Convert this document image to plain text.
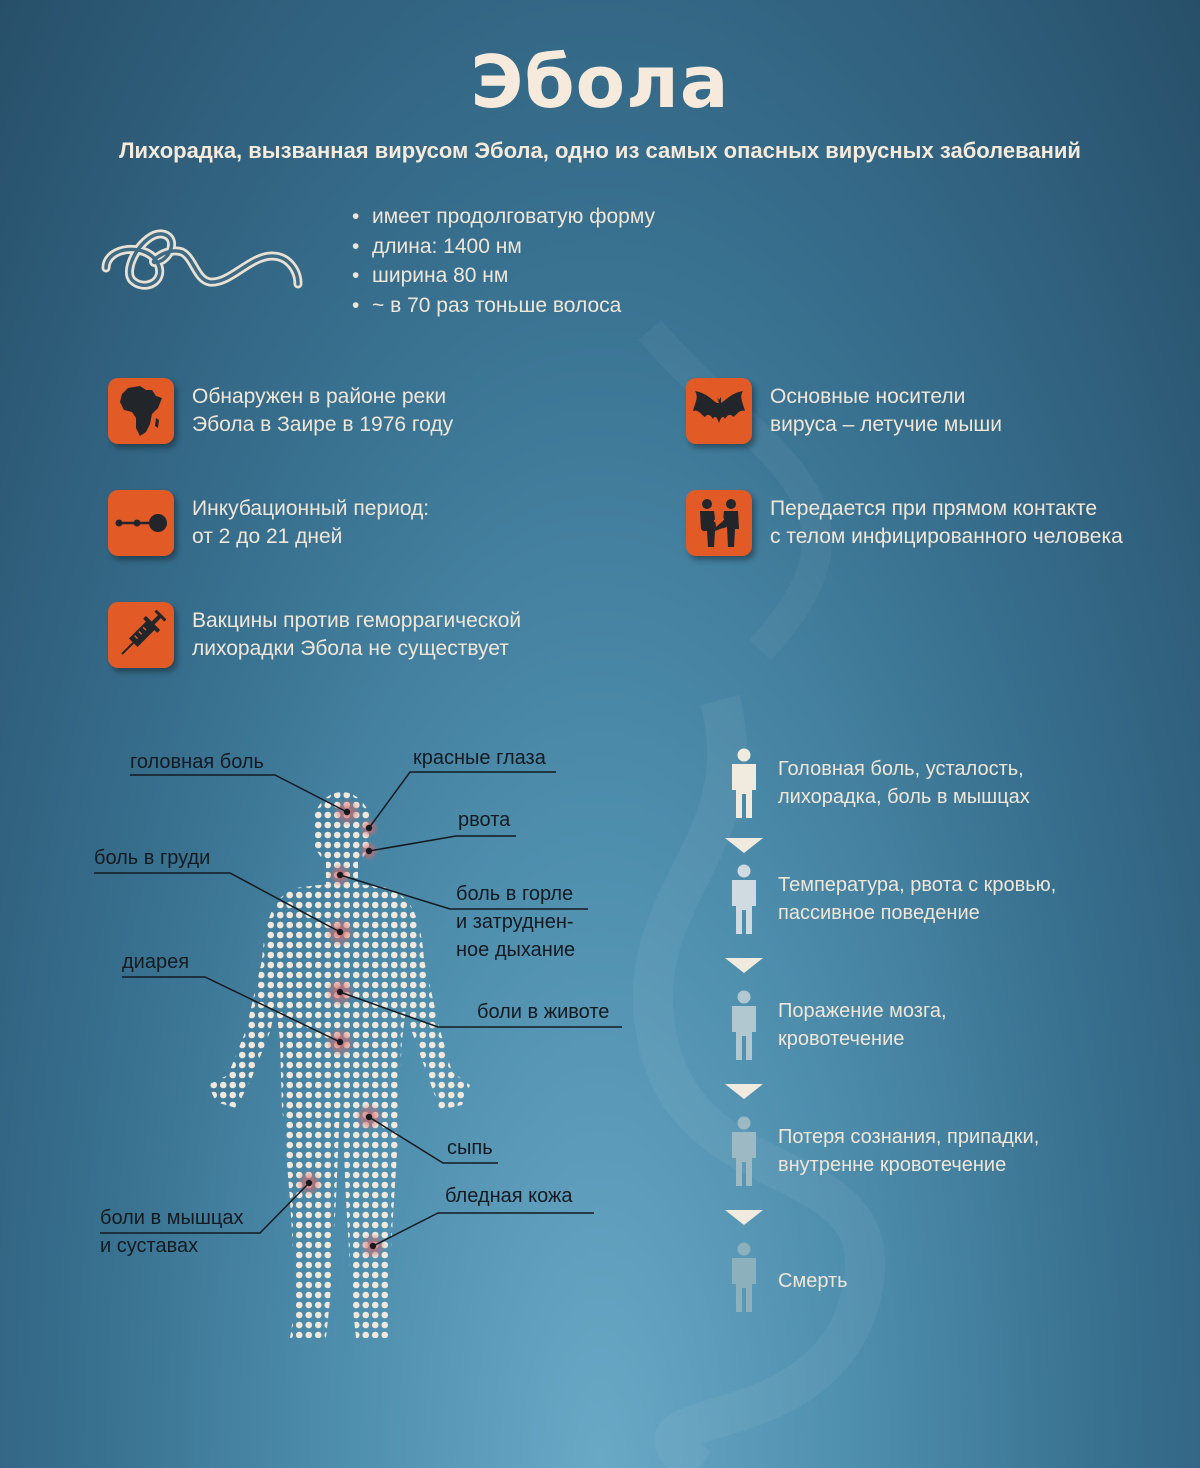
Эбола
Лихорадка, вызванная вирусом Эбола, одно из самых опасных вирусных заболеваний
• имеет продолговатую форму
• длина: 1400 нм
• ширина 80 нм
• ~ в 70 раз тоньше волоса
Обнаружен в районе реки
Эбола в Заире в 1976 году
Основные носители
вируса – летучие мыши
Инкубационный период:
от 2 до 21 дней
Передается при прямом контакте
с телом инфицированного человека
Вакцины против геморрагической
лихорадки Эбола не существует
головная боль	красные глаза
рвота
боль в груди
боль в горле
и затруднен-
ное дыхание
диарея
боли в животе
сыпь
боли в мышцах
и суставах
бледная кожа
Головная боль, усталость,
лихорадка, боль в мышцах
Температура, рвота с кровью,
пассивное поведение
Поражение мозга,
кровотечение
Потеря сознания, припадки,
внутренне кровотечение
Смерть
